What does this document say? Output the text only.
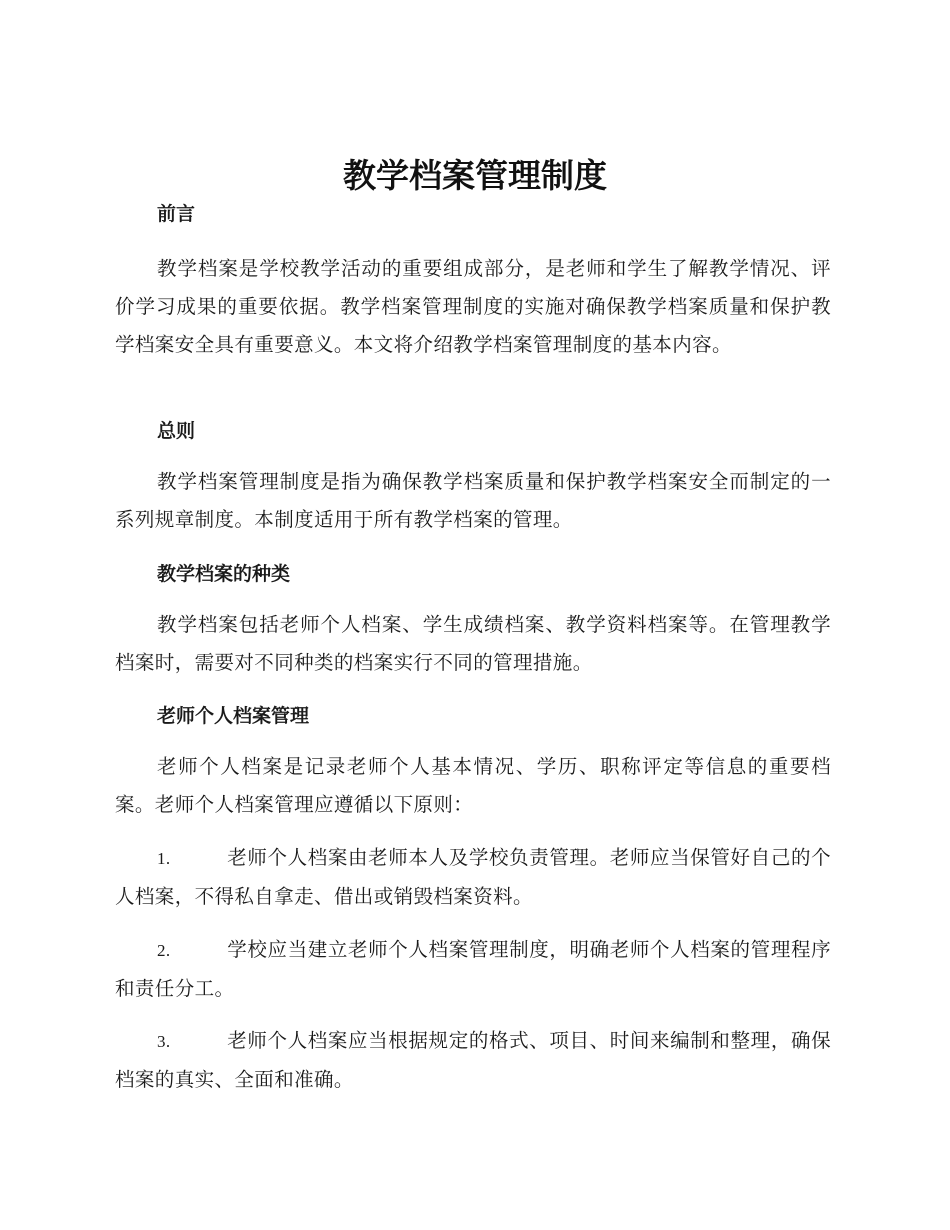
教学档案管理制度

前言

教学档案是学校教学活动的重要组成部分，是老师和学生了解教学情况、评价学习成果的重要依据。教学档案管理制度的实施对确保教学档案质量和保护教学档案安全具有重要意义。本文将介绍教学档案管理制度的基本内容。

总则

教学档案管理制度是指为确保教学档案质量和保护教学档案安全而制定的一系列规章制度。本制度适用于所有教学档案的管理。

教学档案的种类

教学档案包括老师个人档案、学生成绩档案、教学资料档案等。在管理教学档案时，需要对不同种类的档案实行不同的管理措施。

老师个人档案管理

老师个人档案是记录老师个人基本情况、学历、职称评定等信息的重要档案。老师个人档案管理应遵循以下原则：

1.	老师个人档案由老师本人及学校负责管理。老师应当保管好自己的个人档案，不得私自拿走、借出或销毁档案资料。

2.	学校应当建立老师个人档案管理制度，明确老师个人档案的管理程序和责任分工。

3.	老师个人档案应当根据规定的格式、项目、时间来编制和整理，确保档案的真实、全面和准确。
